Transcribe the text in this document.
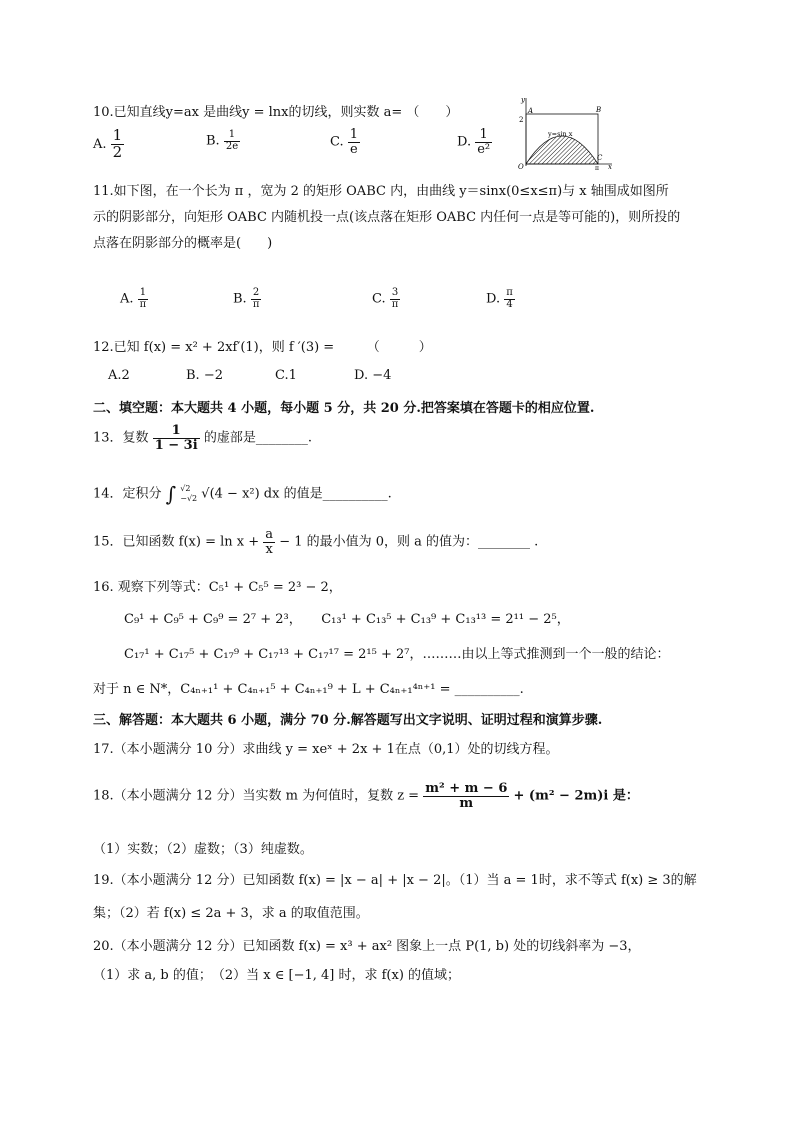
10.已知直线y=ax 是曲线y = lnx的切线，则实数 a= （　　）
A. $\frac{1}{2}$	B. $\frac{1}{2e}$	C. $\frac{1}{e}$	D. $\frac{1}{\text{e²}}$
y
x
O
A	B
C
2
π
y=sin x
11.如下图，在一个长为 π ，宽为 2 的矩形 OABC 内，由曲线 y＝sinx(0≤x≤π)与 x 轴围成如图所
示的阴影部分，向矩形 OABC 内随机投一点(该点落在矩形 OABC 内任何一点是等可能的)，则所投的
点落在阴影部分的概率是(　　)
A. $\frac{1}{\pi}$	B. $\frac{2}{\pi}$	C. $\frac{3}{\pi}$	D. $\frac{\pi}{4}$
12.已知 f(x) = x² + 2xf′(1)，则 f ′(3) =　　　（　　　）
A.2	B. −2	C.1	D. −4
二、填空题：本大题共 4 小题，每小题 5 分，共 20 分.把答案填在答题卡的相应位置.
13．复数 $\frac{1}{1 - 3i}$ 的虚部是________.
14．定积分 ∫ √2
−√2 √(4 − x²) dx 的值是__________.
15．已知函数 $f(x) = \ln x + \frac{a}{x} - 1$ 的最小值为 0，则 a 的值为：________ .
16. 观察下列等式：C₅¹ + C₅⁵ = 2³ − 2，
C₉¹ + C₉⁵ + C₉⁹ = 2⁷ + 2³，　　C₁₃¹ + C₁₃⁵ + C₁₃⁹ + C₁₃¹³ = 2¹¹ − 2⁵，
C₁₇¹ + C₁₇⁵ + C₁₇⁹ + C₁₇¹³ + C₁₇¹⁷ = 2¹⁵ + 2⁷，………由以上等式推测到一个一般的结论：
对于 n ∈ N*，C₄ₙ₊₁¹ + C₄ₙ₊₁⁵ + C₄ₙ₊₁⁹ + L + C₄ₙ₊₁⁴ⁿ⁺¹ = __________.
三、解答题：本大题共 6 小题，满分 70 分.解答题写出文字说明、证明过程和演算步骤.
17.（本小题满分 10 分）求曲线 y = xeˣ + 2x + 1在点（0,1）处的切线方程。
18.（本小题满分 12 分）当实数 m 为何值时，复数 $z = \frac{\text{m² + m − 6}}{m} + (m^2 - 2m)i$ 是：
（1）实数；（2）虚数；（3）纯虚数。
19.（本小题满分 12 分）已知函数 f(x) = |x − a| + |x − 2|。（1）当 a = 1时，求不等式 f(x) ≥ 3的解
集；（2）若 f(x) ≤ 2a + 3，求 a 的取值范围。
20.（本小题满分 12 分）已知函数 f(x) = x³ + ax² 图象上一点 P(1, b) 处的切线斜率为 −3，
（1）求 a, b 的值；　（2）当 x ∈ [−1, 4] 时，求 f(x) 的值域；
